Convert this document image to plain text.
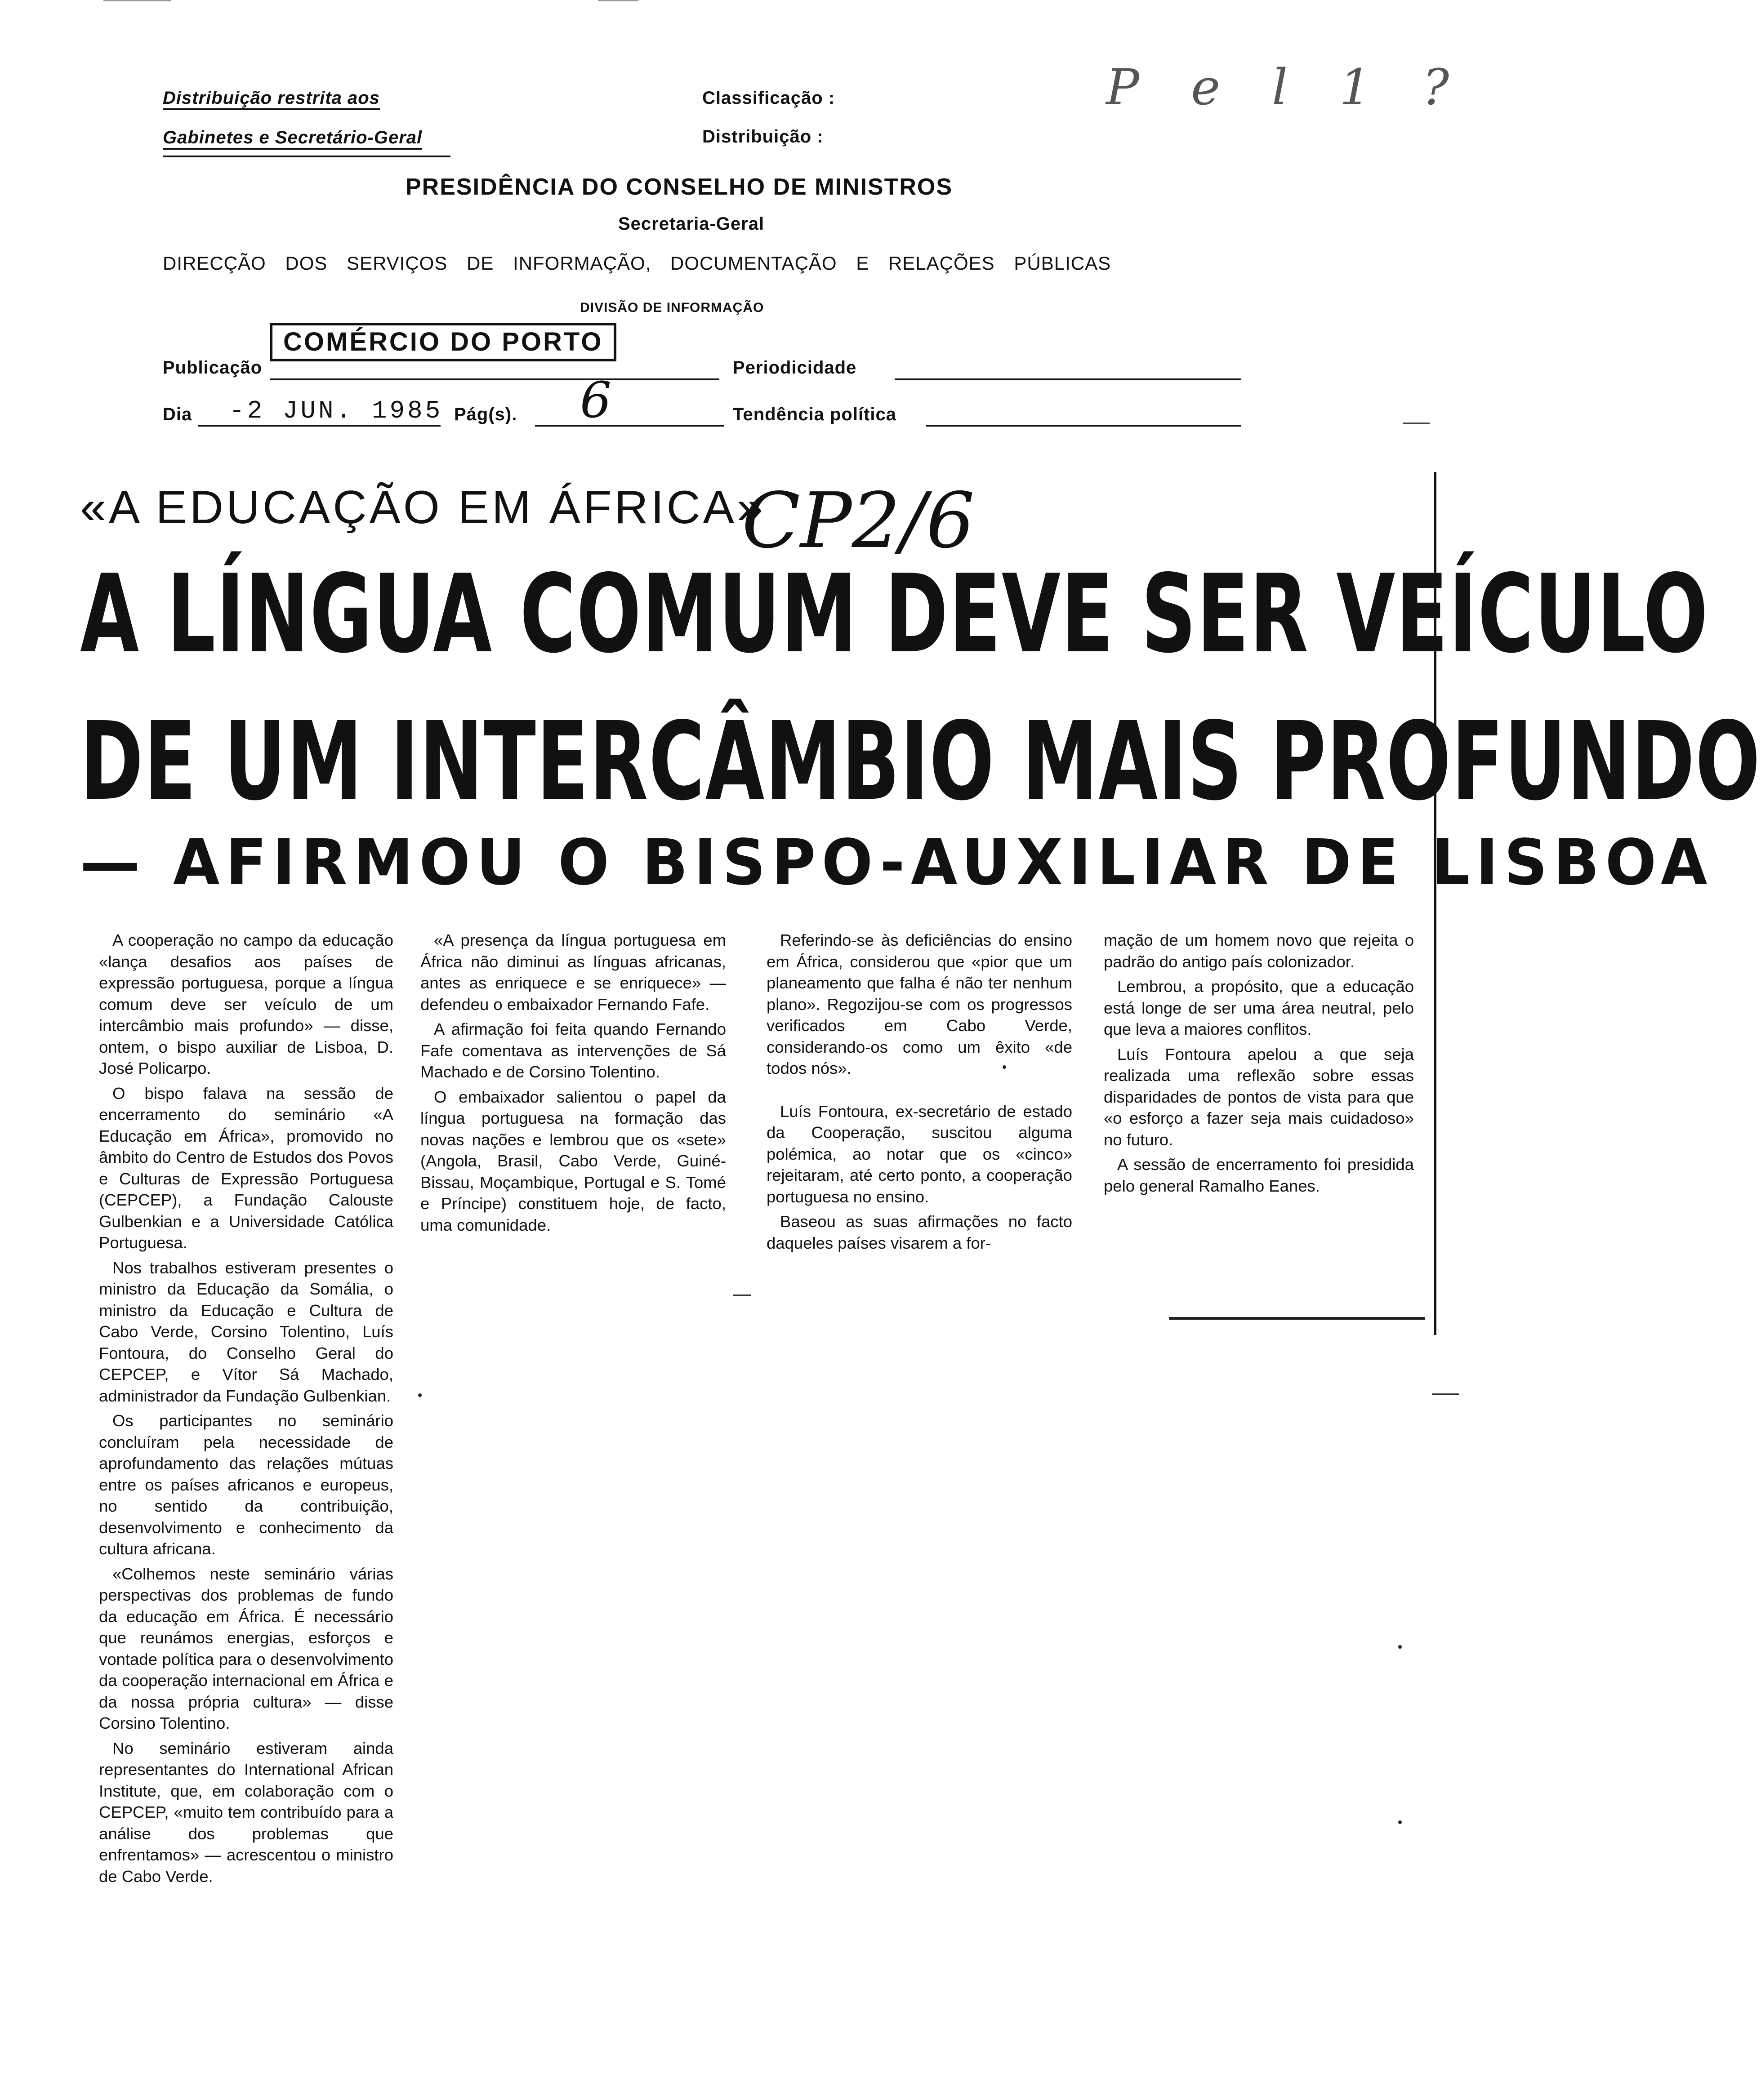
Distribuição restrita aos
Gabinetes e Secretário-Geral
Classificação :
Distribuição :
P e l 1 ?
PRESIDÊNCIA DO CONSELHO DE MINISTROS
Secretaria-Geral
DIRECÇÃO DOS SERVIÇOS DE INFORMAÇÃO, DOCUMENTAÇÃO E RELAÇÕES PÚBLICAS
DIVISÃO DE INFORMAÇÃO
Publicação
COMÉRCIO DO PORTO
Periodicidade
Dia -2 JUN. 1985 Pág(s). 6	Tendência política
«A EDUCAÇÃO EM ÁFRICA»
CP2/6
A LÍNGUA COMUM DEVE SER VEÍCULO
DE UM INTERCÂMBIO MAIS PROFUNDO
— AFIRMOU O BISPO-AUXILIAR DE LISBOA

A cooperação no campo da educação «lança desafios aos países de expressão portuguesa, porque a língua comum deve ser veículo de um intercâmbio mais profundo» — disse, ontem, o bispo auxiliar de Lisboa, D. José Policarpo.

O bispo falava na sessão de encerramento do seminário «A Educação em África», promovido no âmbito do Centro de Estudos dos Povos e Culturas de Expressão Portuguesa (CEPCEP), a Fundação Calouste Gulbenkian e a Universidade Católica Portuguesa.

Nos trabalhos estiveram presentes o ministro da Educação da Somália, o ministro da Educação e Cultura de Cabo Verde, Corsino Tolentino, Luís Fontoura, do Conselho Geral do CEPCEP, e Vítor Sá Machado, administrador da Fundação Gulbenkian.

Os participantes no seminário concluíram pela necessidade de aprofundamento das relações mútuas entre os países africanos e europeus, no sentido da contribuição, desenvolvimento e conhecimento da cultura africana.

«Colhemos neste seminário várias perspectivas dos problemas de fundo da educação em África. É necessário que reunámos energias, esforços e vontade política para o desenvolvimento da cooperação internacional em África e da nossa própria cultura» — disse Corsino Tolentino.

No seminário estiveram ainda representantes do International African Institute, que, em colaboração com o CEPCEP, «muito tem contribuído para a análise dos problemas que enfrentamos» — acrescentou o ministro de Cabo Verde.

«A presença da língua portuguesa em África não diminui as línguas africanas, antes as enriquece e se enriquece» — defendeu o embaixador Fernando Fafe.

A afirmação foi feita quando Fernando Fafe comentava as intervenções de Sá Machado e de Corsino Tolentino.

O embaixador salientou o papel da língua portuguesa na formação das novas nações e lembrou que os «sete» (Angola, Brasil, Cabo Verde, Guiné-Bissau, Moçambique, Portugal e S. Tomé e Príncipe) constituem hoje, de facto, uma comunidade.

Referindo-se às deficiências do ensino em África, considerou que «pior que um planeamento que falha é não ter nenhum plano». Regozijou-se com os progressos verificados em Cabo Verde, considerando-os como um êxito «de todos nós».

Luís Fontoura, ex-secretário de estado da Cooperação, suscitou alguma polémica, ao notar que os «cinco» rejeitaram, até certo ponto, a cooperação portuguesa no ensino.

Baseou as suas afirmações no facto daqueles países visarem a for-

mação de um homem novo que rejeita o padrão do antigo país colonizador.

Lembrou, a propósito, que a educação está longe de ser uma área neutral, pelo que leva a maiores conflitos.

Luís Fontoura apelou a que seja realizada uma reflexão sobre essas disparidades de pontos de vista para que «o esforço a fazer seja mais cuidadoso» no futuro.

A sessão de encerramento foi presidida pelo general Ramalho Eanes.
